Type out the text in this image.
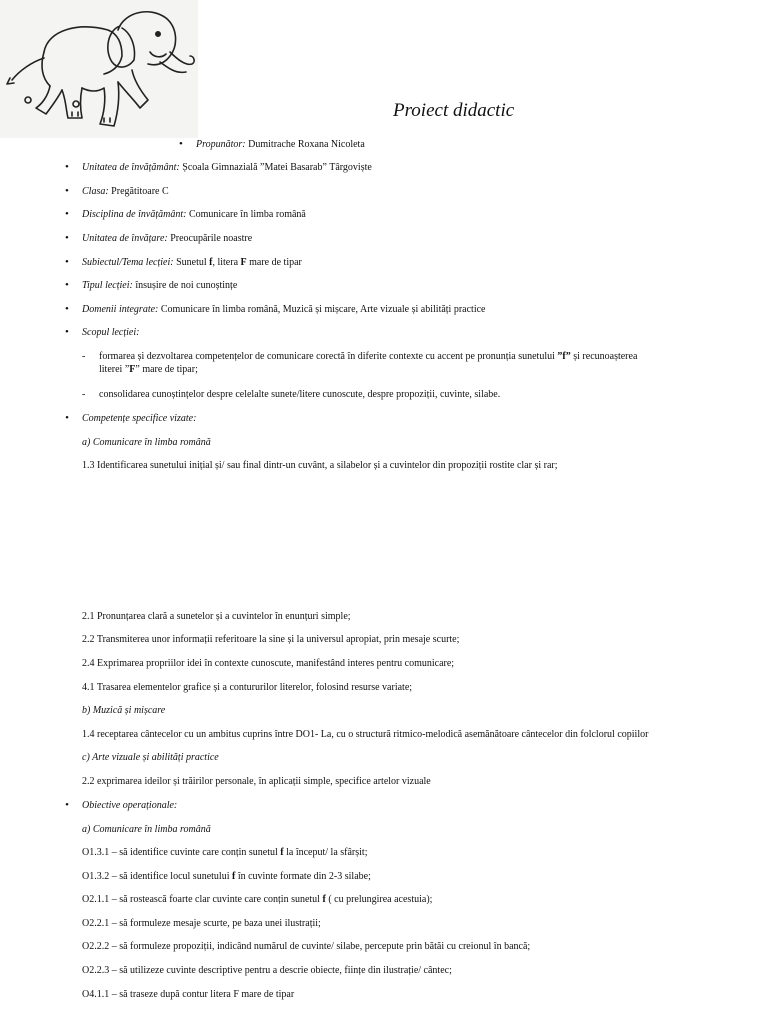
Proiect didactic
• Propunător: Dumitrache Roxana Nicoleta
• Unitatea de învățământ: Școala Gimnazială ”Matei Basarab” Târgoviște
• Clasa: Pregătitoare C
• Disciplina de învățământ: Comunicare în limba română
• Unitatea de învățare: Preocupările noastre
• Subiectul/Tema lecției: Sunetul f, litera F mare de tipar
• Tipul lecției: însușire de noi cunoștințe
• Domenii integrate: Comunicare în limba română, Muzică și mișcare, Arte vizuale și abilități practice
• Scopul lecției:
- formarea și dezvoltarea competențelor de comunicare corectă în diferite contexte cu accent pe pronunția sunetului ”f” și recunoașterea
literei ”F” mare de tipar;
- consolidarea cunoștințelor despre celelalte sunete/litere cunoscute, despre propoziții, cuvinte, silabe.
• Competențe specifice vizate:
a) Comunicare în limba română
1.3 Identificarea sunetului inițial și/ sau final dintr-un cuvânt, a silabelor și a cuvintelor din propoziții rostite clar și rar;
2.1 Pronunțarea clară a sunetelor și a cuvintelor în enunțuri simple;
2.2 Transmiterea unor informații referitoare la sine și la universul apropiat, prin mesaje scurte;
2.4 Exprimarea propriilor idei în contexte cunoscute, manifestând interes pentru comunicare;
4.1 Trasarea elementelor grafice și a contururilor literelor, folosind resurse variate;
b) Muzică și mișcare
1.4 receptarea cântecelor cu un ambitus cuprins între DO1- La, cu o structură ritmico-melodică asemănătoare cântecelor din folclorul copiilor
c) Arte vizuale și abilități practice
2.2 exprimarea ideilor și trăirilor personale, în aplicații simple, specifice artelor vizuale
• Obiective operaționale:
a) Comunicare în limba română
O1.3.1 – să identifice cuvinte care conțin sunetul f la început/ la sfârșit;
O1.3.2 – să identifice locul sunetului f în cuvinte formate din 2-3 silabe;
O2.1.1 – să rostească foarte clar cuvinte care conțin sunetul f ( cu prelungirea acestuia);
O2.2.1 – să formuleze mesaje scurte, pe baza unei ilustrații;
O2.2.2 – să formuleze propoziții, indicând numărul de cuvinte/ silabe, percepute prin bătăi cu creionul în bancă;
O2.2.3 – să utilizeze cuvinte descriptive pentru a descrie obiecte, ființe din ilustrație/ cântec;
O4.1.1 – să traseze după contur litera F mare de tipar
